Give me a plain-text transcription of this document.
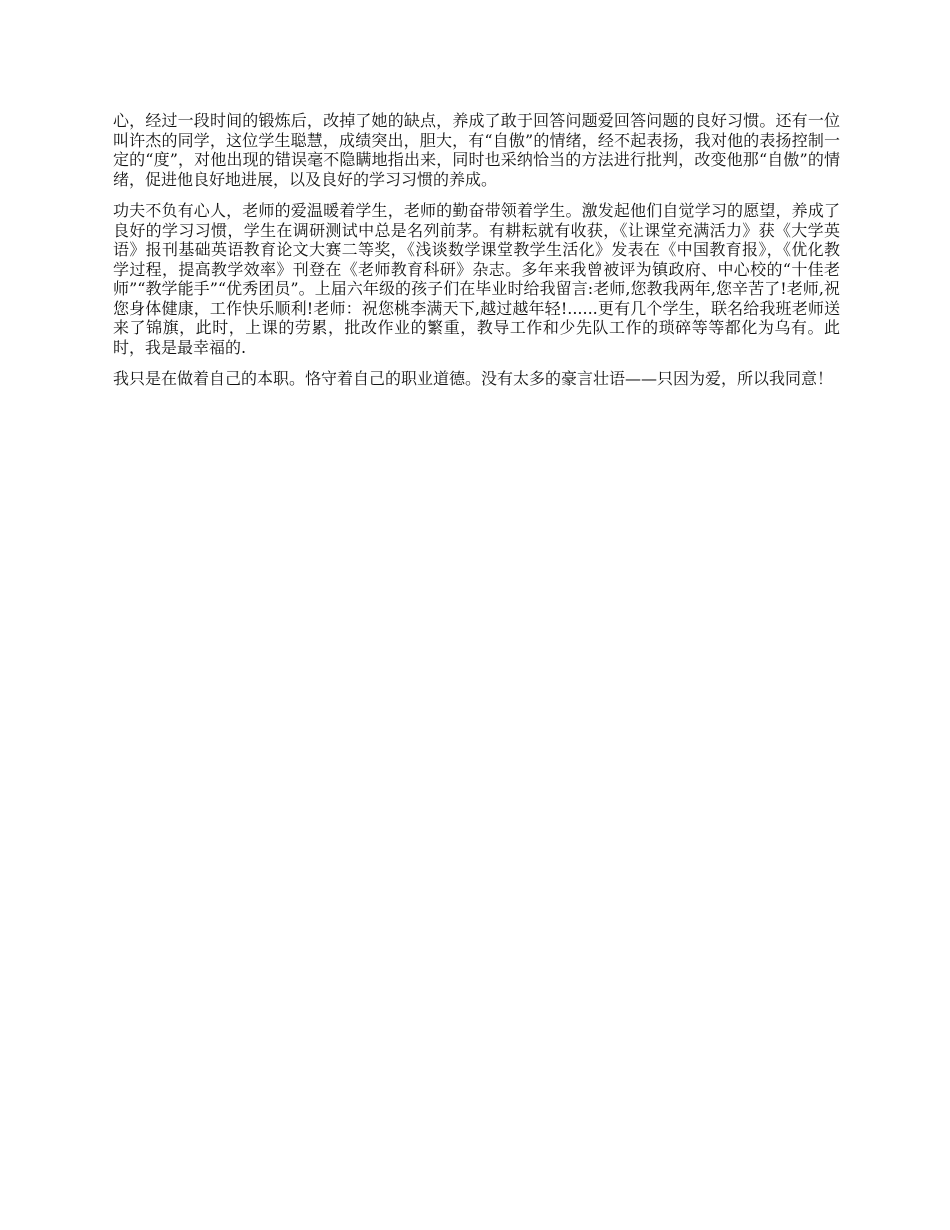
心，经过一段时间的锻炼后，改掉了她的缺点，养成了敢于回答问题爱回答问题的良好习惯。还有一位叫许杰的同学，这位学生聪慧，成绩突出，胆大，有“自傲”的情绪，经不起表扬，我对他的表扬控制一定的“度”，对他出现的错误毫不隐瞒地指出来，同时也采纳恰当的方法进行批判，改变他那“自傲”的情绪，促进他良好地进展，以及良好的学习习惯的养成。

功夫不负有心人，老师的爱温暖着学生，老师的勤奋带领着学生。激发起他们自觉学习的愿望，养成了良好的学习习惯，学生在调研测试中总是名列前茅。有耕耘就有收获，《让课堂充满活力》获《大学英语》报刊基础英语教育论文大赛二等奖，《浅谈数学课堂教学生活化》发表在《中国教育报》，《优化教学过程，提高教学效率》刊登在《老师教育科研》杂志。多年来我曾被评为镇政府、中心校的“十佳老师”“教学能手”“优秀团员”。上届六年级的孩子们在毕业时给我留言:老师,您教我两年,您辛苦了!老师,祝您身体健康，工作快乐顺利!老师：祝您桃李满天下,越过越年轻!......更有几个学生，联名给我班老师送来了锦旗，此时，上课的劳累，批改作业的繁重，教导工作和少先队工作的琐碎等等都化为乌有。此时，我是最幸福的.

我只是在做着自己的本职。恪守着自己的职业道德。没有太多的豪言壮语——只因为爱，所以我同意！
